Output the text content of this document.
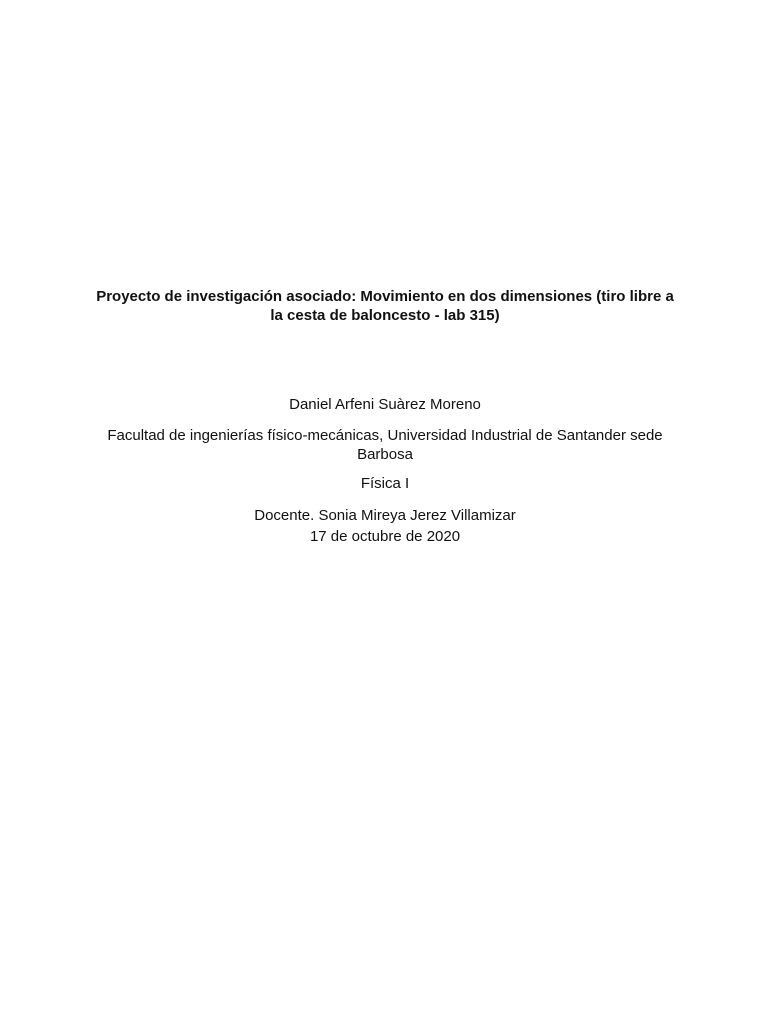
Proyecto de investigación asociado: Movimiento en dos dimensiones (tiro libre a la cesta de baloncesto - lab 315)

Daniel Arfeni Suàrez Moreno

Facultad de ingenierías físico-mecánicas, Universidad Industrial de Santander sede Barbosa

Física I

Docente. Sonia Mireya Jerez Villamizar

17 de octubre de 2020
